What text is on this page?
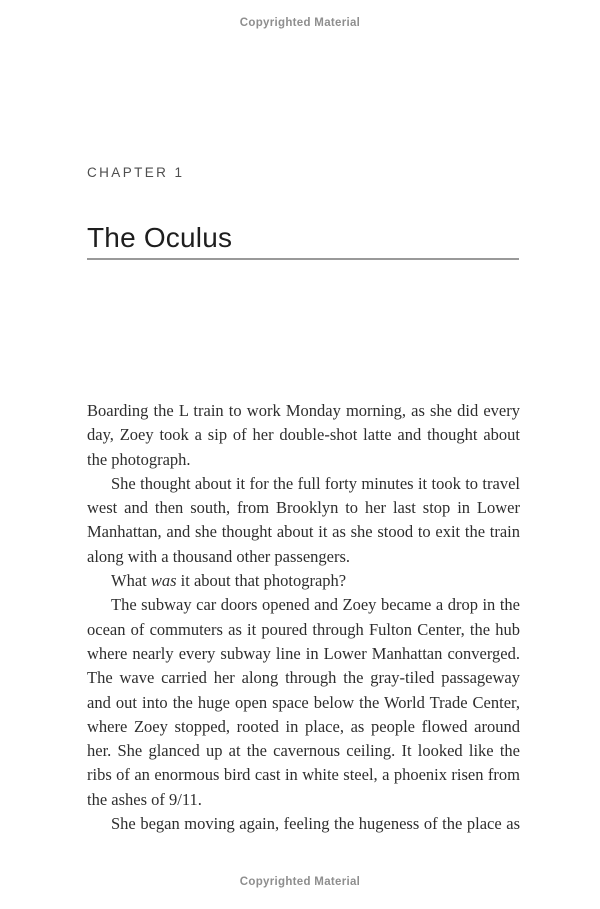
Copyrighted Material
CHAPTER 1
The Oculus

Boarding the L train to work Monday morning, as she did every day, Zoey took a sip of her double-shot latte and thought about the photograph.

She thought about it for the full forty minutes it took to travel west and then south, from Brooklyn to her last stop in Lower Manhattan, and she thought about it as she stood to exit the train along with a thousand other passengers.

What was it about that photograph?

The subway car doors opened and Zoey became a drop in the ocean of commuters as it poured through Fulton Center, the hub where nearly every subway line in Lower Manhattan converged. The wave carried her along through the gray-tiled passageway and out into the huge open space below the World Trade Center, where Zoey stopped, rooted in place, as people flowed around her. She glanced up at the cavernous ceiling. It looked like the ribs of an enormous bird cast in white steel, a phoenix risen from the ashes of 9/11.

She began moving again, feeling the hugeness of the place as

Copyrighted Material
